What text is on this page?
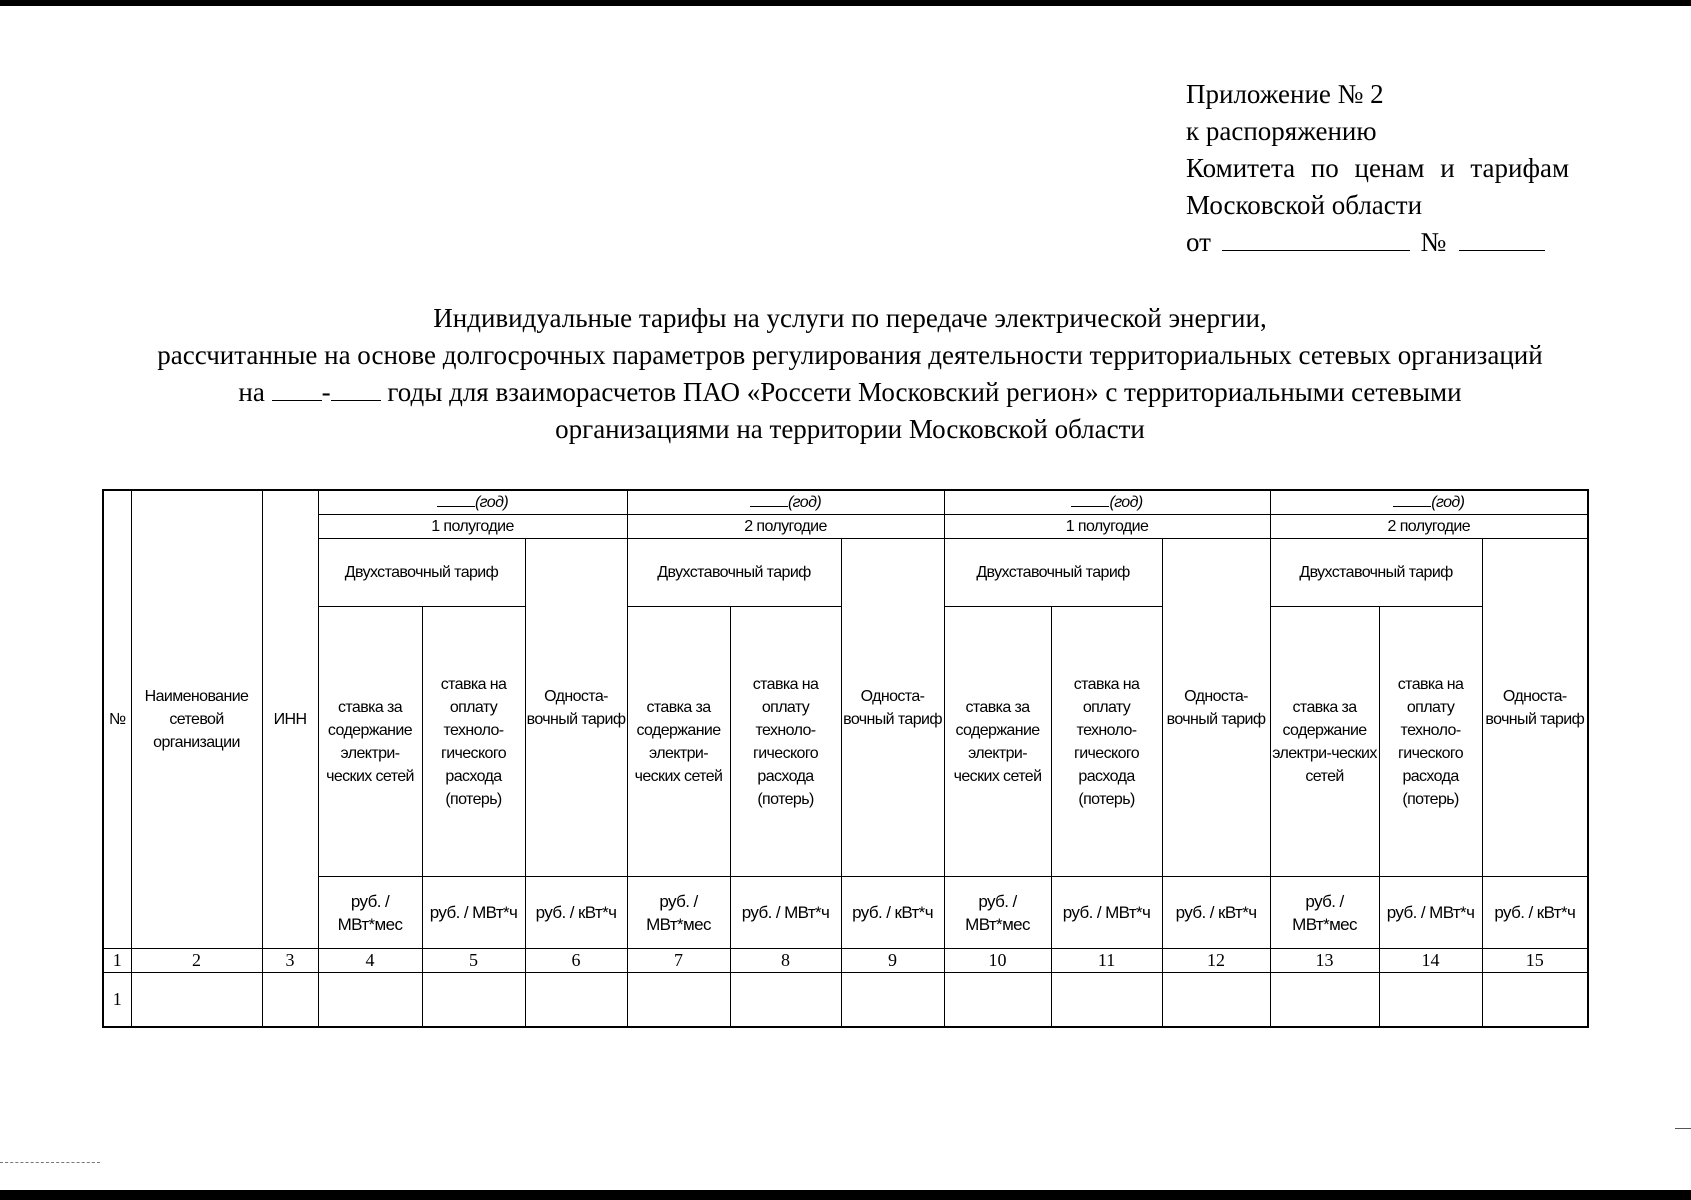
Приложение № 2
к распоряжению
Комитета по ценам и тарифам
Московской области
от	№
Индивидуальные тарифы на услуги по передаче электрической энергии,
рассчитанные на основе долгосрочных параметров регулирования деятельности территориальных сетевых организаций
на - годы для взаиморасчетов ПАО «Россети Московский регион» с территориальными сетевыми
организациями на территории Московской области
№	Наименование сетевой организации	ИНН	(год)			(год)			(год)			(год)		
			1 полугодие			2 полугодие			1 полугодие			2 полугодие		
			Двухставочный тариф		Односта-вочный тариф	Двухставочный тариф		Односта-вочный тариф	Двухставочный тариф		Односта-вочный тариф	Двухставочный тариф		Односта-вочный тариф
			ставка за содержание электри-ческих сетей	ставка на оплату техноло-гического расхода (потерь)		ставка за содержание электри-ческих сетей	ставка на оплату техноло-гического расхода (потерь)		ставка за содержание электри-ческих сетей	ставка на оплату техноло-гического расхода (потерь)		ставка за содержание электри-ческих сетей	ставка на оплату техноло-гического расхода (потерь)	
			руб. / МВт*мес	руб. / МВт*ч	руб. / кВт*ч	руб. / МВт*мес	руб. / МВт*ч	руб. / кВт*ч	руб. / МВт*мес	руб. / МВт*ч	руб. / кВт*ч	руб. / МВт*мес	руб. / МВт*ч	руб. / кВт*ч
1	2	3	4	5	6	7	8	9	10	11	12	13	14	15
1														
